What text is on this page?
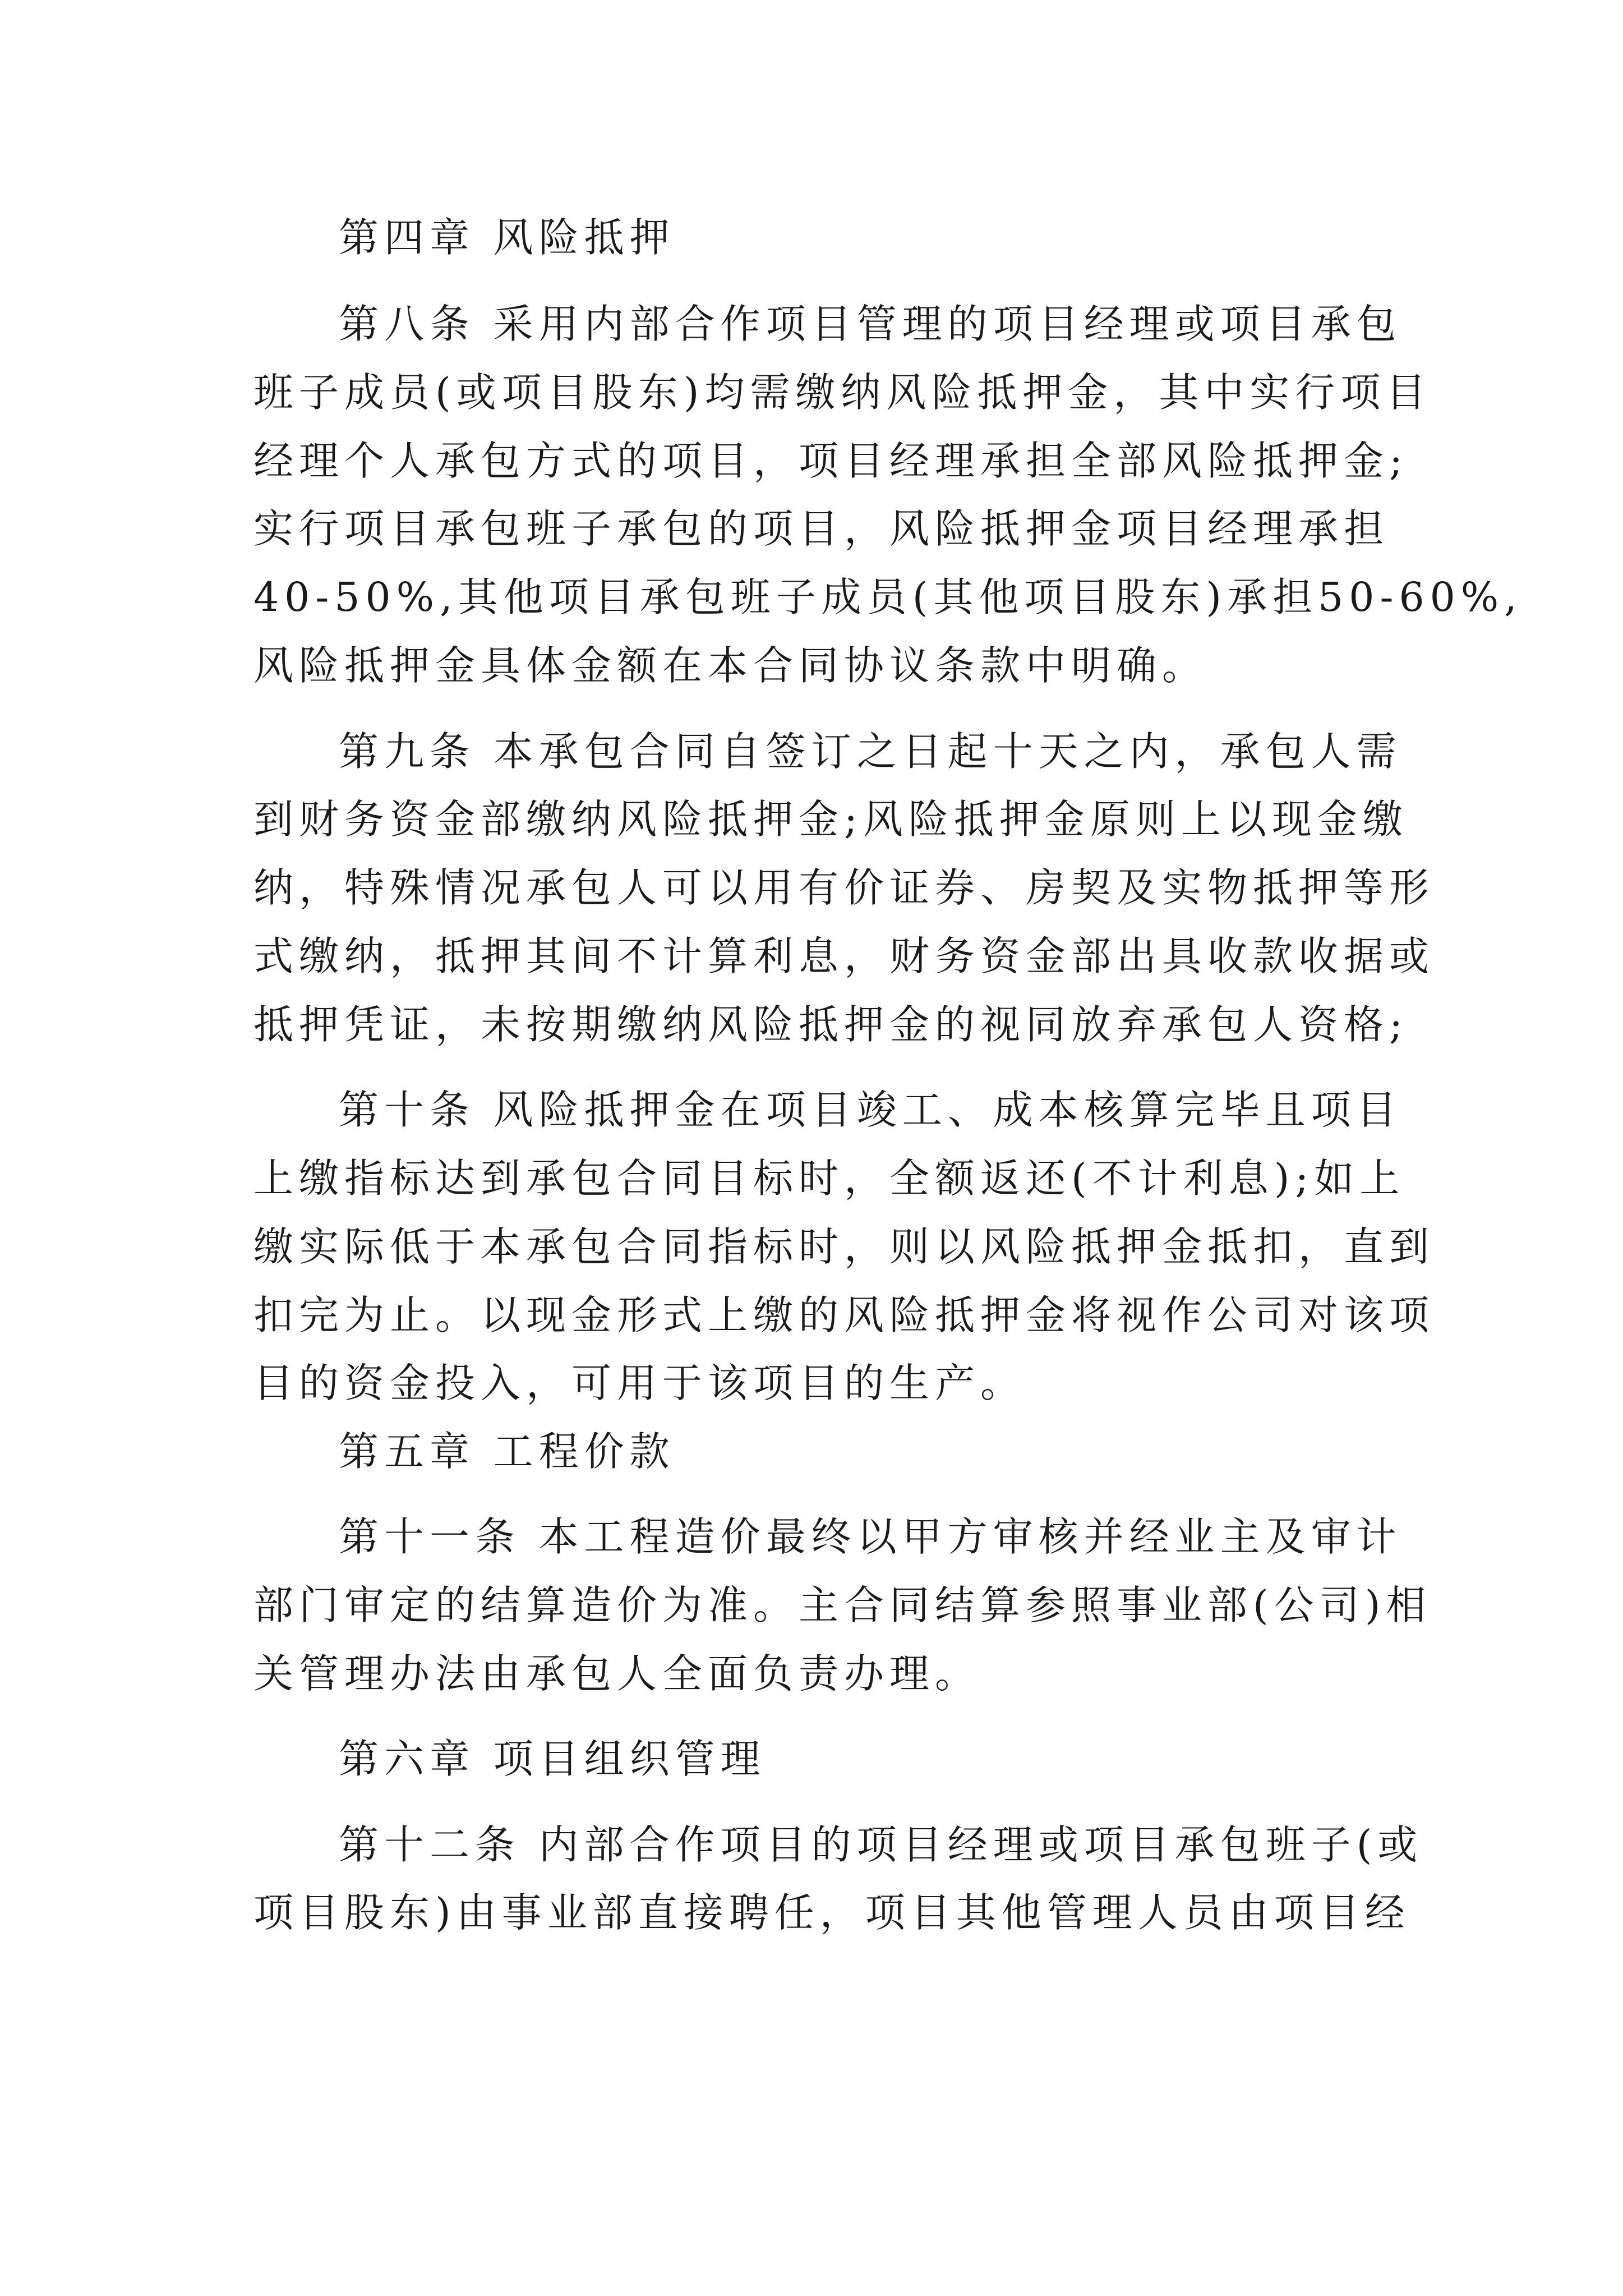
第四章 风险抵押

第八条 采用内部合作项目管理的项目经理或项目承包

班子成员(或项目股东)均需缴纳风险抵押金，其中实行项目

经理个人承包方式的项目，项目经理承担全部风险抵押金;

实行项目承包班子承包的项目，风险抵押金项目经理承担

40-50%,其他项目承包班子成员(其他项目股东)承担50-60%,

风险抵押金具体金额在本合同协议条款中明确。

第九条 本承包合同自签订之日起十天之内，承包人需

到财务资金部缴纳风险抵押金;风险抵押金原则上以现金缴

纳，特殊情况承包人可以用有价证券、房契及实物抵押等形

式缴纳，抵押其间不计算利息，财务资金部出具收款收据或

抵押凭证，未按期缴纳风险抵押金的视同放弃承包人资格;

第十条 风险抵押金在项目竣工、成本核算完毕且项目

上缴指标达到承包合同目标时，全额返还(不计利息);如上

缴实际低于本承包合同指标时，则以风险抵押金抵扣，直到

扣完为止。以现金形式上缴的风险抵押金将视作公司对该项

目的资金投入，可用于该项目的生产。

第五章 工程价款

第十一条 本工程造价最终以甲方审核并经业主及审计

部门审定的结算造价为准。主合同结算参照事业部(公司)相

关管理办法由承包人全面负责办理。

第六章 项目组织管理

第十二条 内部合作项目的项目经理或项目承包班子(或

项目股东)由事业部直接聘任，项目其他管理人员由项目经
